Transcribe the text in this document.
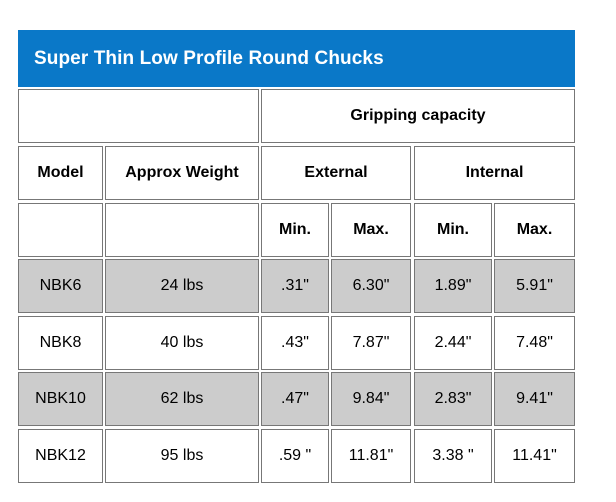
Super Thin Low Profile Round Chucks
Gripping capacity
Model	Approx Weight	External	Internal
Min.	Max.	Min.	Max.
NBK6	24 lbs	.31"	6.30"	1.89"	5.91"
NBK8	40 lbs	.43"	7.87"	2.44"	7.48"
NBK10	62 lbs	.47"	9.84"	2.83"	9.41"
NBK12	95 lbs	.59 "	11.81"	3.38 "	11.41"
